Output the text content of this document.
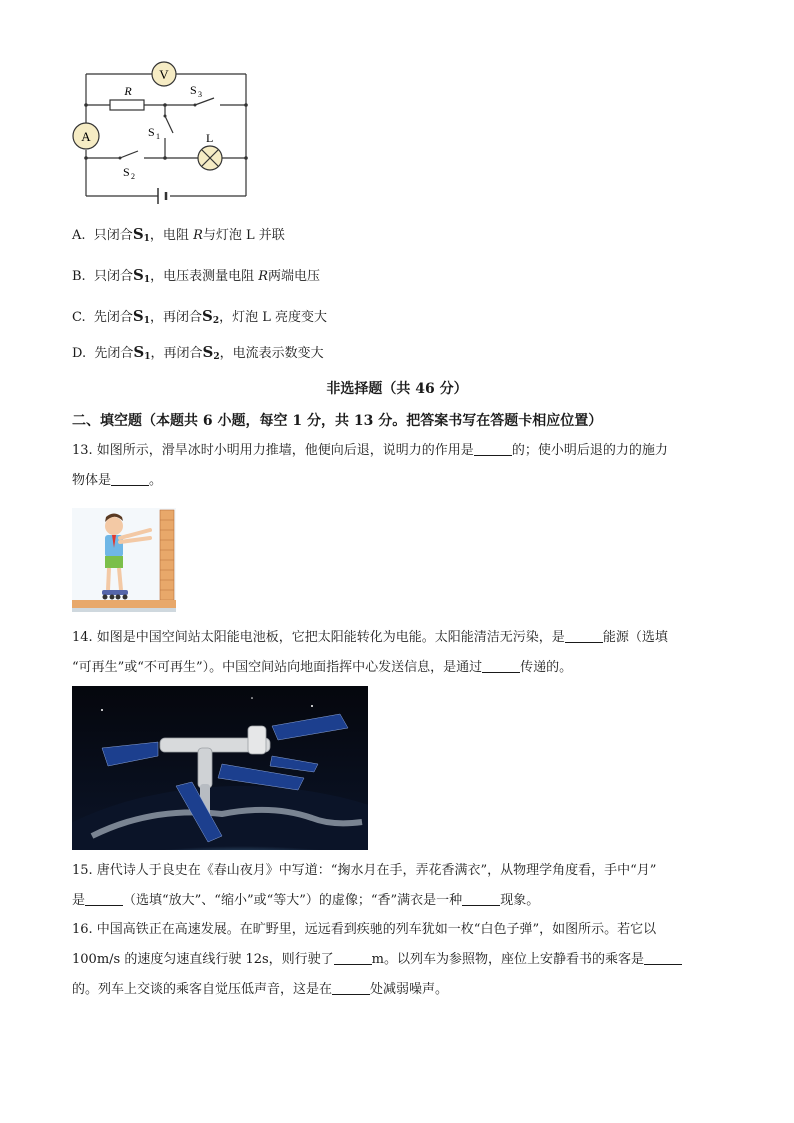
V
A
R	S 3
S 1	L
S 2
A. 只闭合$S_1$，电阻 R与灯泡 L 并联
B. 只闭合$S_1$，电压表测量电阻 R两端电压
C. 先闭合$S_1$，再闭合$S_2$，灯泡 L 亮度变大
D. 先闭合$S_1$，再闭合$S_2$，电流表示数变大
非选择题（共 46 分）
二、填空题（本题共 6 小题，每空 1 分，共 13 分。把答案书写在答题卡相应位置）
13. 如图所示，滑旱冰时小明用力推墙，他便向后退，说明力的作用是	的；使小明后退的力的施力
物体是	。
14. 如图是中国空间站太阳能电池板，它把太阳能转化为电能。太阳能清洁无污染，是	能源（选填
“可再生”或“不可再生”）。中国空间站向地面指挥中心发送信息，是通过	传递的。
15. 唐代诗人于良史在《春山夜月》中写道：“掬水月在手，弄花香满衣”，从物理学角度看，手中“月”
是	（选填“放大”、“缩小”或“等大”）的虚像；“香”满衣是一种	现象。
16. 中国高铁正在高速发展。在旷野里，远远看到疾驰的列车犹如一枚“白色子弹”，如图所示。若它以
100m/s 的速度匀速直线行驶 12s，则行驶了	m。以列车为参照物，座位上安静看书的乘客是
的。列车上交谈的乘客自觉压低声音，这是在	处减弱噪声。
